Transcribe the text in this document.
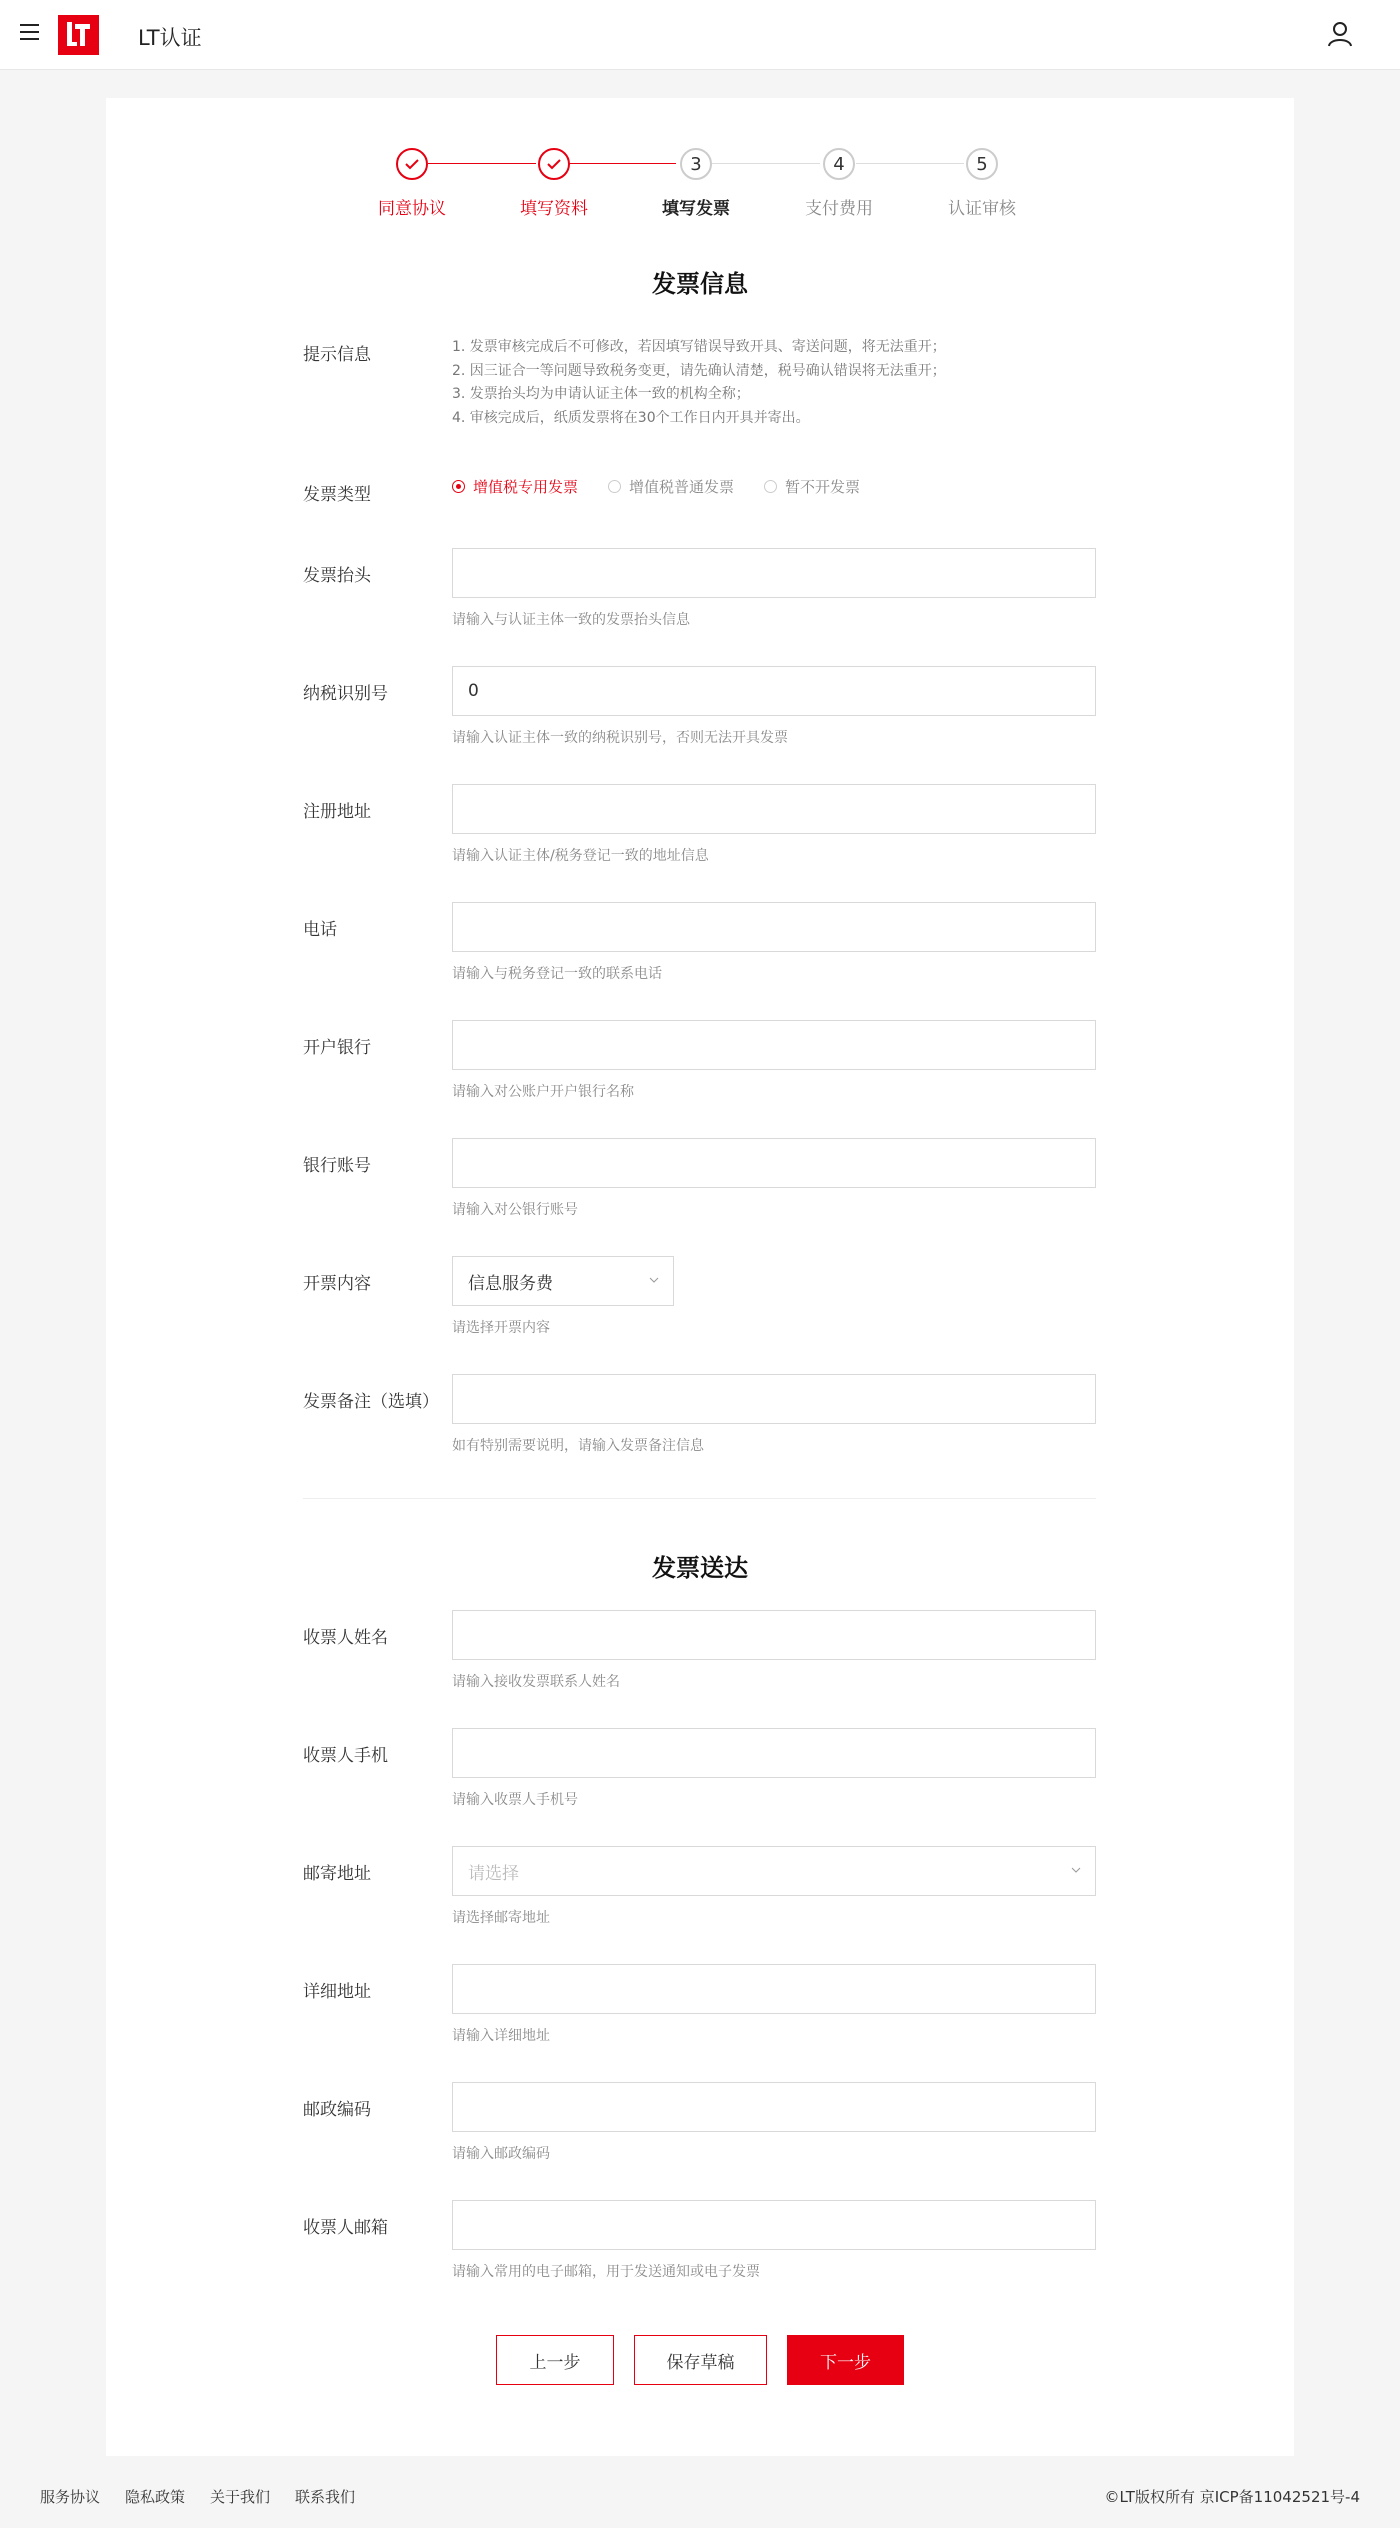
LT认证
3	4	5
同意协议	填写资料	填写发票	支付费用	认证审核
发票信息
提示信息	1. 发票审核完成后不可修改，若因填写错误导致开具、寄送问题，将无法重开；
2. 因三证合一等问题导致税务变更，请先确认清楚，税号确认错误将无法重开；
3. 发票抬头均为申请认证主体一致的机构全称；
4. 审核完成后，纸质发票将在30个工作日内开具并寄出。
发票类型	增值税专用发票	增值税普通发票	暂不开发票
发票抬头
请输入与认证主体一致的发票抬头信息
纳税识别号
0
请输入认证主体一致的纳税识别号，否则无法开具发票
注册地址
请输入认证主体/税务登记一致的地址信息
电话
请输入与税务登记一致的联系电话
开户银行
请输入对公账户开户银行名称
银行账号
请输入对公银行账号
开票内容	信息服务费
请选择开票内容
发票备注（选填）
如有特别需要说明，请输入发票备注信息
发票送达
收票人姓名
请输入接收发票联系人姓名
收票人手机
请输入收票人手机号
邮寄地址	请选择
请选择邮寄地址
详细地址
请输入详细地址
邮政编码
请输入邮政编码
收票人邮箱
请输入常用的电子邮箱，用于发送通知或电子发票
上一步	保存草稿	下一步
服务协议 隐私政策 关于我们 联系我们	©LT版权所有 京ICP备11042521号-4
